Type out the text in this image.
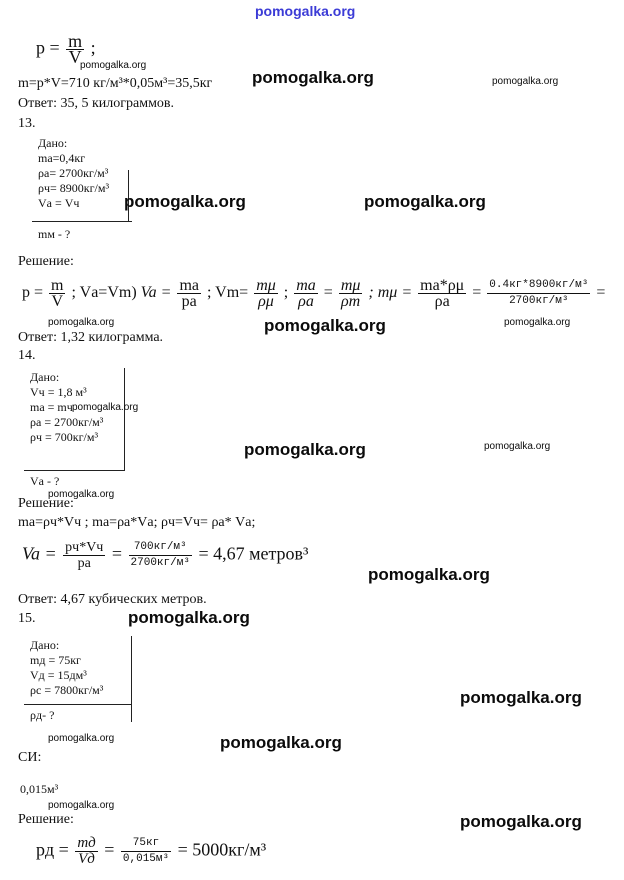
pomogalka.org
$p = \frac{m}{V}$ ;
pomogalka.org
m=p*V=710 кг/м³*0,05м³=35,5кг pomogalka.org	pomogalka.org
Ответ: 35, 5 килограммов.
13.
Дано:
mа=0,4кг
ρа= 2700кг/м³
ρч= 8900кг/м³
Vа = Vч
mм - ?
pomogalka.org	pomogalka.org
Решение:
$p = \frac{m}{V}$ ; Vа=Vm) $Va = \frac{ma}{pa}$ ; $Vm= \frac{m\mu}{\rho\mu}$ ; $\frac{ma}{\rho a} = \frac{m\mu}{\rho m}$ ; $m\mu = \frac{ma*\rho\mu}{\rho a} = \frac{\text{0.4кг*8900кг/м³}}{\text{2700кг/м³}}$ =
pomogalka.org	pomogalka.org	pomogalka.org
Ответ: 1,32 килограмма.
14.
Дано:
Vч = 1,8 м³
mа = mч
ρа = 2700кг/м³
ρч = 700кг/м³
Vа - ?
pomogalka.org
pomogalka.org	pomogalka.org
pomogalka.org
Решение:
mа=ρч*Vч ; mа=ρа*Vа; ρч=Vч= ρа* Vа;
$Va = \frac{pч*Vч}{pa} = \frac{\text{700кг/м³}}{\text{2700кг/м³}} = 4,67$ метров³
pomogalka.org
Ответ: 4,67 кубических метров.
15.	pomogalka.org
Дано:
mд = 75кг
Vд = 15дм³
ρс = 7800кг/м³
ρд- ?
pomogalka.org
pomogalka.org	pomogalka.org
СИ:
0,015м³
pomogalka.org
Решение:	pomogalka.org
pд = $\frac{mд}{Vд} = \frac{75кг}{\text{0,015м³}} = 5000кг/м^3$
